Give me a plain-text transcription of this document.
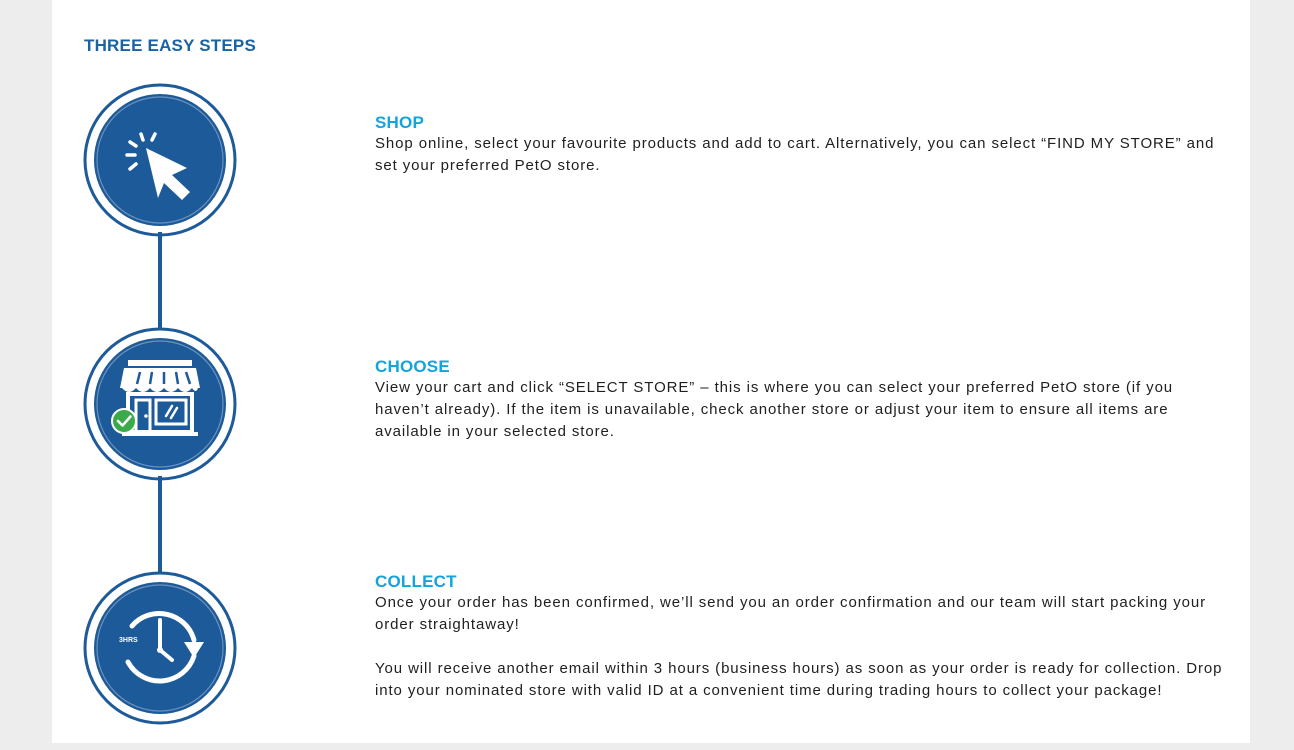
THREE EASY STEPS
3HRS
SHOP

Shop online, select your favourite products and add to cart. Alternatively, you can select “FIND MY STORE” and set your preferred PetO store.

CHOOSE

View your cart and click “SELECT STORE” – this is where you can select your preferred PetO store (if you haven’t already). If the item is unavailable, check another store or adjust your item to ensure all items are available in your selected store.

COLLECT

Once your order has been confirmed, we’ll send you an order confirmation and our team will start packing your order straightaway!

You will receive another email within 3 hours (business hours) as soon as your order is ready for collection. Drop into your nominated store with valid ID at a convenient time during trading hours to collect your package!
